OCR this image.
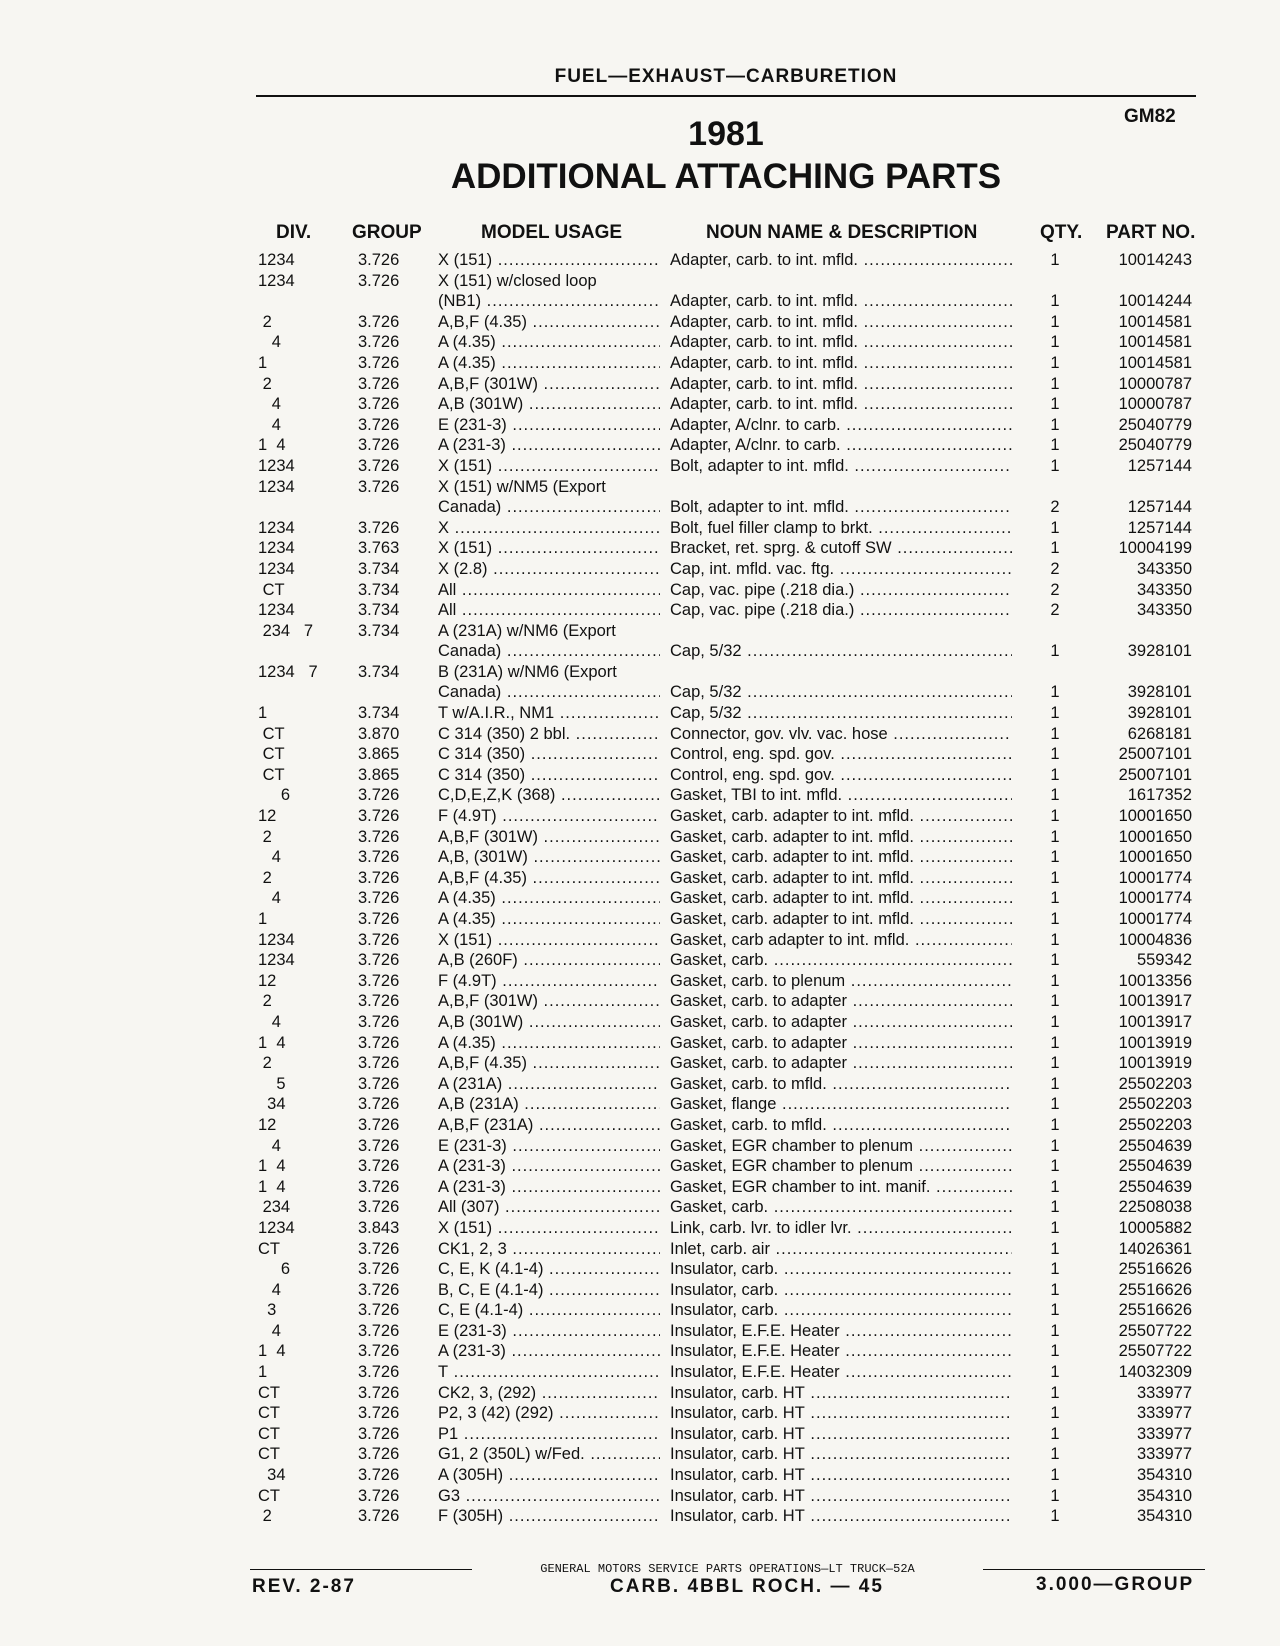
FUEL—EXHAUST—CARBURETION
GM82
1981
ADDITIONAL ATTACHING PARTS
DIV. GROUP	MODEL USAGE	NOUN NAME & DESCRIPTION	QTY. PART NO.
1234	3.726	X (151) .....	Adapter, carb. to int. mfld. .....	1	10014243
1234	3.726	X (151) w/closed loop
(NB1) .....	Adapter, carb. to int. mfld. .....	1	10014244
2	3.726	A,B,F (4.35) .....	Adapter, carb. to int. mfld. .....	1	10014581
4	3.726	A (4.35) .....	Adapter, carb. to int. mfld. .....	1	10014581
1	3.726	A (4.35) .....	Adapter, carb. to int. mfld. .....	1	10014581
2	3.726	A,B,F (301W) .....	Adapter, carb. to int. mfld. .....	1	10000787
4	3.726	A,B (301W) .....	Adapter, carb. to int. mfld. .....	1	10000787
4	3.726	E (231-3) .....	Adapter, A/clnr. to carb. .....	1	25040779
1  4	3.726	A (231-3) .....	Adapter, A/clnr. to carb. .....	1	25040779
1234	3.726	X (151) .....	Bolt, adapter to int. mfld. .....	1	1257144
1234	3.726	X (151) w/NM5 (Export
Canada) .....	Bolt, adapter to int. mfld. .....	2	1257144
1234	3.726	X .....	Bolt, fuel filler clamp to brkt. .....	1	1257144
1234	3.763	X (151) .....	Bracket, ret. sprg. & cutoff SW .....	1	10004199
1234	3.734	X (2.8) .....	Cap, int. mfld. vac. ftg. .....	2	343350
CT	3.734	All .....	Cap, vac. pipe (.218 dia.) .....	2	343350
1234	3.734	All .....	Cap, vac. pipe (.218 dia.) .....	2	343350
234   7	3.734	A (231A) w/NM6 (Export
Canada) .....	Cap, 5/32 .....	1	3928101
1234   7	3.734	B (231A) w/NM6 (Export
Canada) .....	Cap, 5/32 .....	1	3928101
1	3.734	T w/A.I.R., NM1 .....	Cap, 5/32 .....	1	3928101
CT	3.870	C 314 (350) 2 bbl. .....	Connector, gov. vlv. vac. hose .....	1	6268181
CT	3.865	C 314 (350) .....	Control, eng. spd. gov. .....	1	25007101
CT	3.865	C 314 (350) .....	Control, eng. spd. gov. .....	1	25007101
6	3.726	C,D,E,Z,K (368) .....	Gasket, TBI to int. mfld. .....	1	1617352
12	3.726	F (4.9T) .....	Gasket, carb. adapter to int. mfld. .....	1	10001650
2	3.726	A,B,F (301W) .....	Gasket, carb. adapter to int. mfld. .....	1	10001650
4	3.726	A,B, (301W) .....	Gasket, carb. adapter to int. mfld. .....	1	10001650
2	3.726	A,B,F (4.35) .....	Gasket, carb. adapter to int. mfld. .....	1	10001774
4	3.726	A (4.35) .....	Gasket, carb. adapter to int. mfld. .....	1	10001774
1	3.726	A (4.35) .....	Gasket, carb. adapter to int. mfld. .....	1	10001774
1234	3.726	X (151) .....	Gasket, carb adapter to int. mfld. .....	1	10004836
1234	3.726	A,B (260F) .....	Gasket, carb. .....	1	559342
12	3.726	F (4.9T) .....	Gasket, carb. to plenum .....	1	10013356
2	3.726	A,B,F (301W) .....	Gasket, carb. to adapter .....	1	10013917
4	3.726	A,B (301W) .....	Gasket, carb. to adapter .....	1	10013917
1  4	3.726	A (4.35) .....	Gasket, carb. to adapter .....	1	10013919
2	3.726	A,B,F (4.35) .....	Gasket, carb. to adapter .....	1	10013919
5	3.726	A (231A) .....	Gasket, carb. to mfld. .....	1	25502203
34	3.726	A,B (231A) .....	Gasket, flange .....	1	25502203
12	3.726	A,B,F (231A) .....	Gasket, carb. to mfld. .....	1	25502203
4	3.726	E (231-3) .....	Gasket, EGR chamber to plenum .....	1	25504639
1  4	3.726	A (231-3) .....	Gasket, EGR chamber to plenum .....	1	25504639
1  4	3.726	A (231-3) .....	Gasket, EGR chamber to int. manif. .....	1	25504639
234	3.726	All (307) .....	Gasket, carb. .....	1	22508038
1234	3.843	X (151) .....	Link, carb. lvr. to idler lvr. .....	1	10005882
CT	3.726	CK1, 2, 3 .....	Inlet, carb. air .....	1	14026361
6	3.726	C, E, K (4.1-4) .....	Insulator, carb. .....	1	25516626
4	3.726	B, C, E (4.1-4) .....	Insulator, carb. .....	1	25516626
3	3.726	C, E (4.1-4) .....	Insulator, carb. .....	1	25516626
4	3.726	E (231-3) .....	Insulator, E.F.E. Heater .....	1	25507722
1  4	3.726	A (231-3) .....	Insulator, E.F.E. Heater .....	1	25507722
1	3.726	T .....	Insulator, E.F.E. Heater .....	1	14032309
CT	3.726	CK2, 3, (292) .....	Insulator, carb. HT .....	1	333977
CT	3.726	P2, 3 (42) (292) .....	Insulator, carb. HT .....	1	333977
CT	3.726	P1 .....	Insulator, carb. HT .....	1	333977
CT	3.726	G1, 2 (350L) w/Fed. .....	Insulator, carb. HT .....	1	333977
34	3.726	A (305H) .....	Insulator, carb. HT .....	1	354310
CT	3.726	G3 .....	Insulator, carb. HT .....	1	354310
2	3.726	F (305H) .....	Insulator, carb. HT .....	1	354310
GENERAL MOTORS SERVICE PARTS OPERATIONS—LT TRUCK—52A
REV. 2-87	CARB. 4BBL ROCH. — 45	3.000—GROUP
